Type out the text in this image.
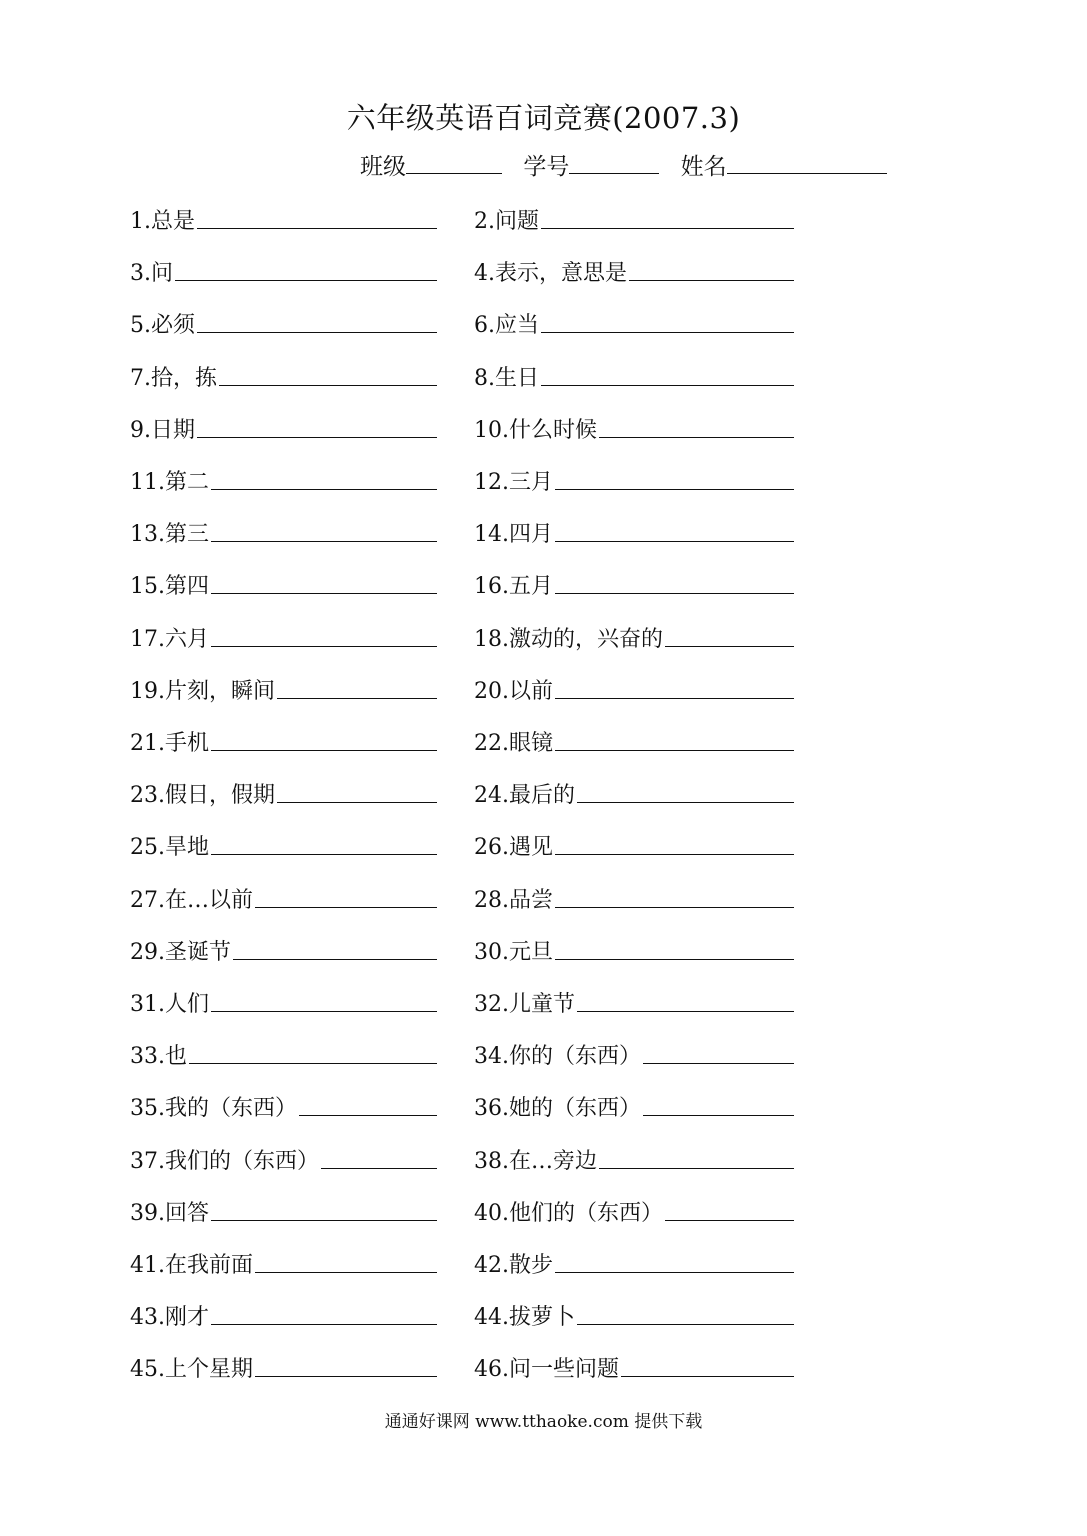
六年级英语百词竞赛(2007.3)
班级	学号	姓名
1.总是	2.问题
3.问	4.表示，意思是
5.必须	6.应当
7.拾，拣	8.生日
9.日期	10.什么时候
11.第二	12.三月
13.第三	14.四月
15.第四	16.五月
17.六月	18.激动的，兴奋的
19.片刻，瞬间	20.以前
21.手机	22.眼镜
23.假日，假期	24.最后的
25.旱地	26.遇见
27.在…以前	28.品尝
29.圣诞节	30.元旦
31.人们	32.儿童节
33.也	34.你的（东西）
35.我的（东西）	36.她的（东西）
37.我们的（东西）	38.在…旁边
39.回答	40.他们的（东西）
41.在我前面	42.散步
43.刚才	44.拔萝卜
45.上个星期	46.问一些问题
通通好课网 www.tthaoke.com 提供下载
